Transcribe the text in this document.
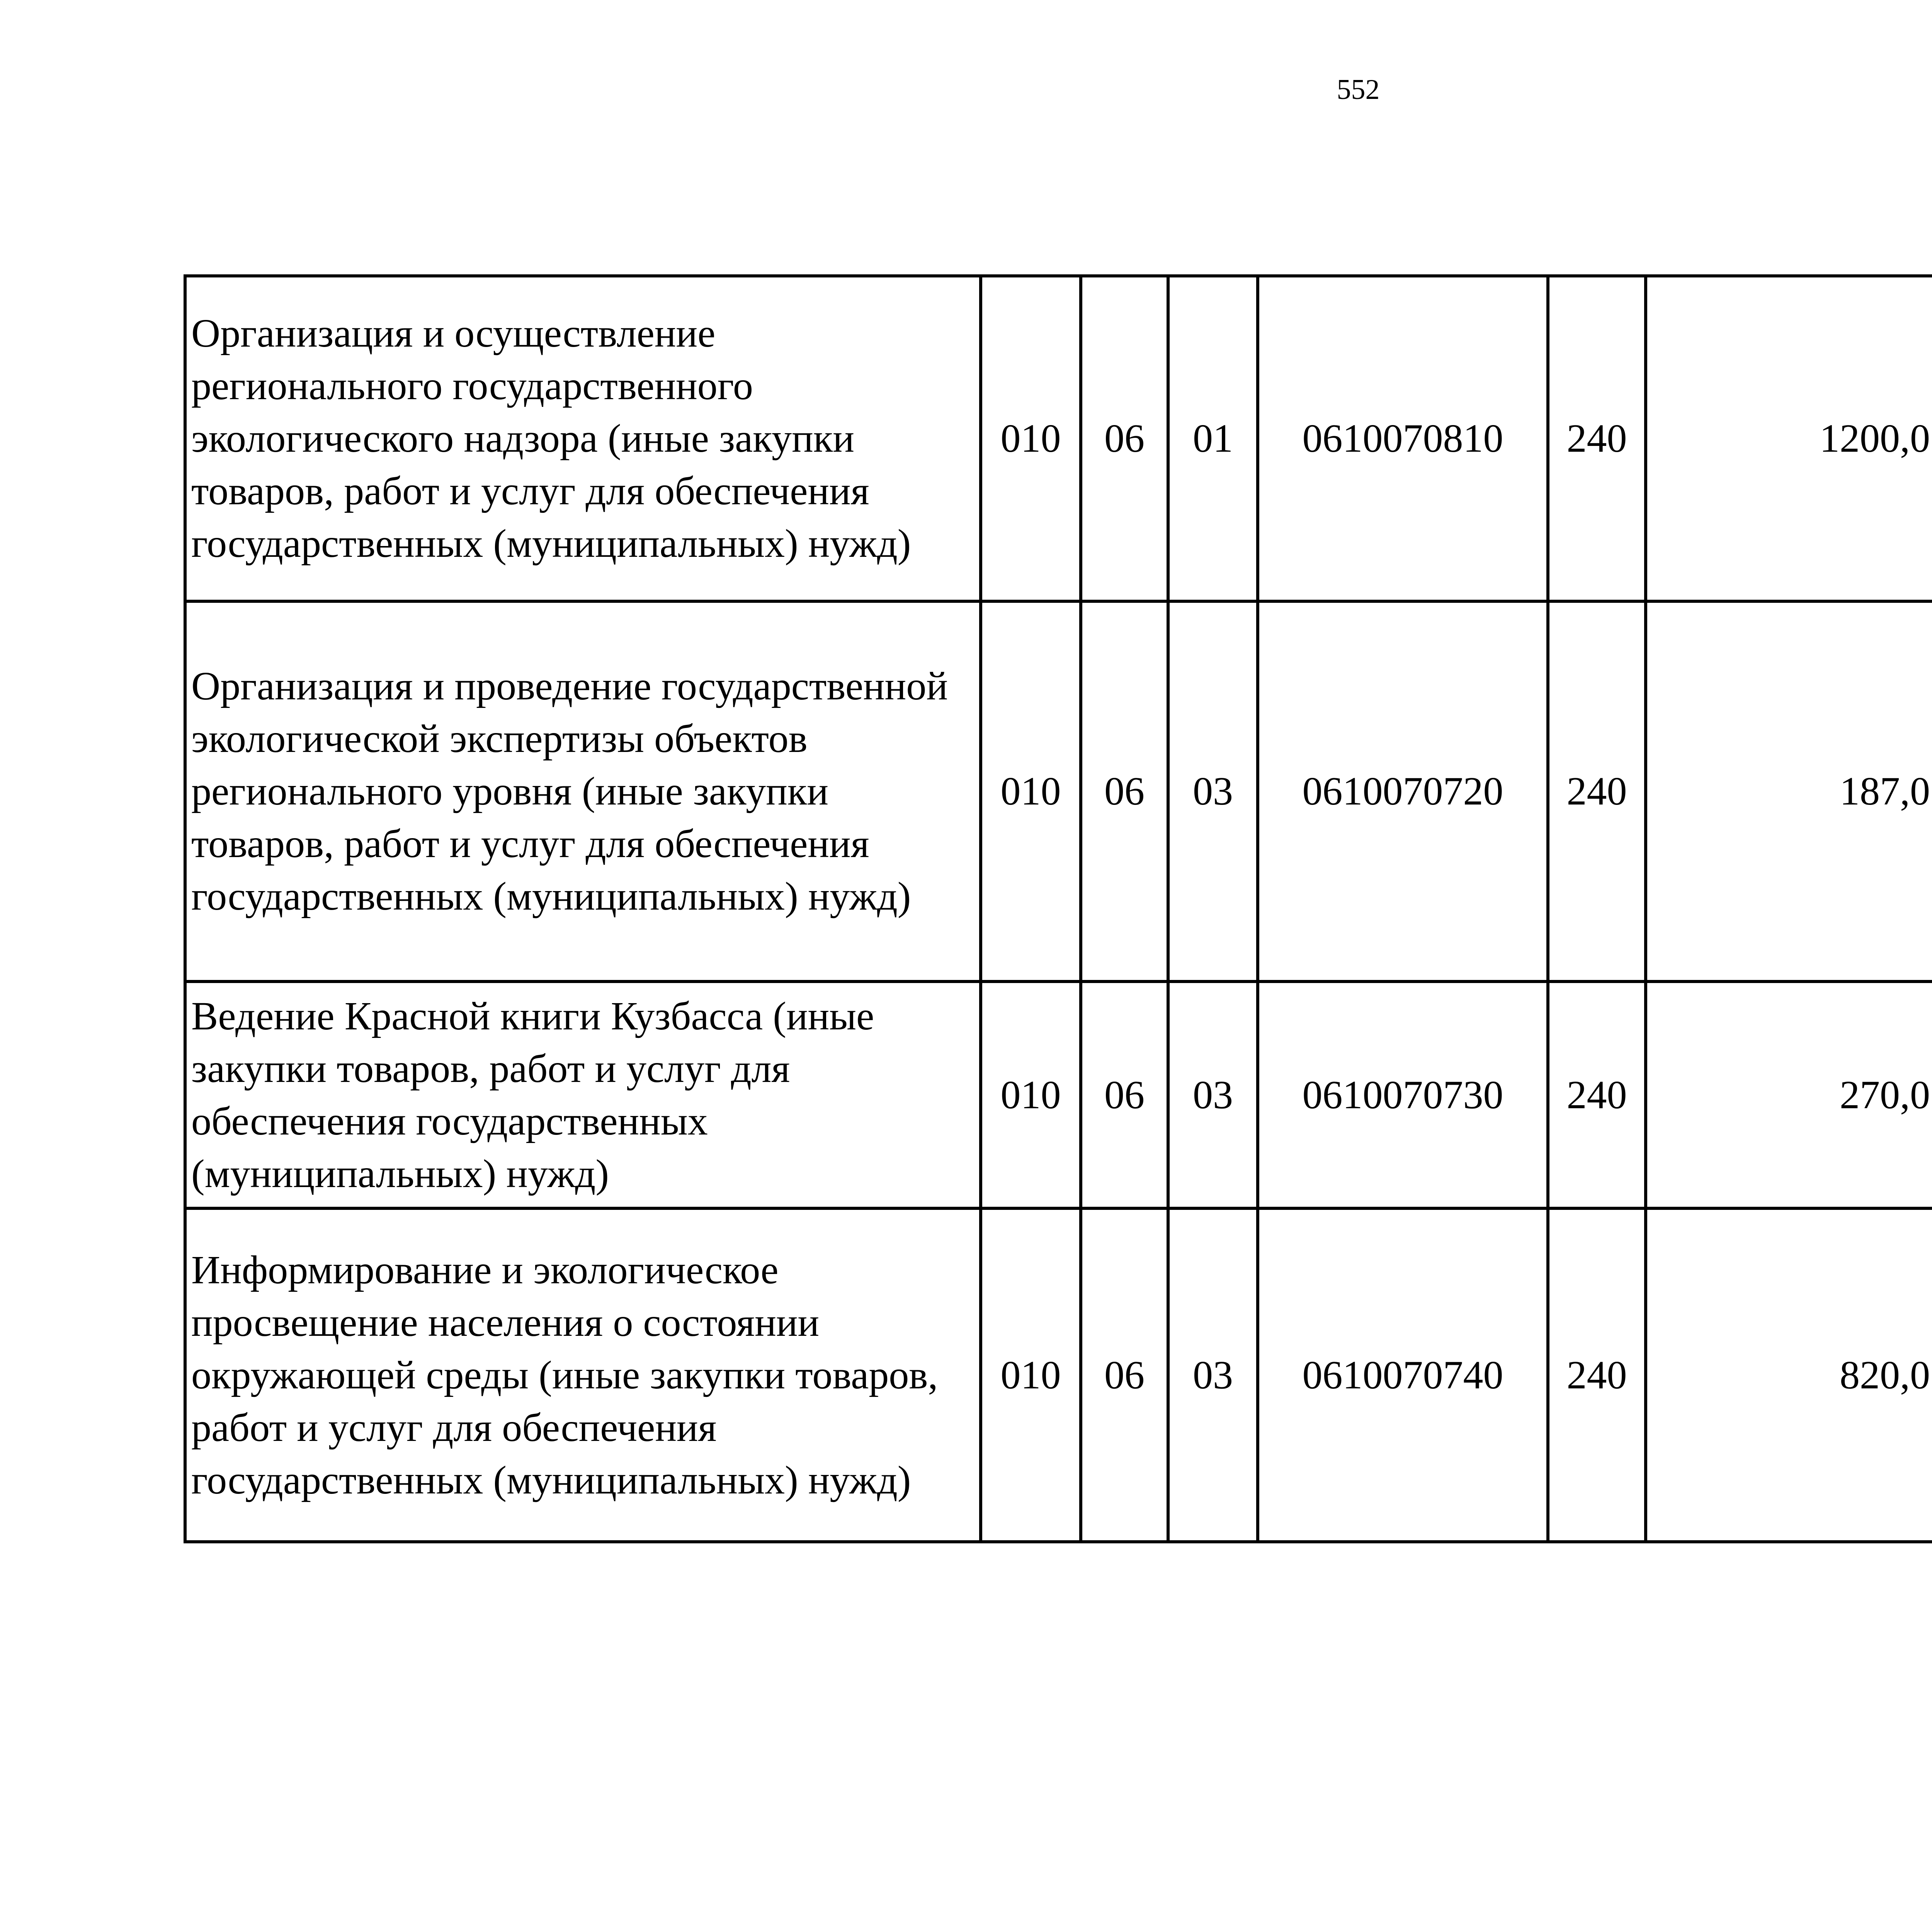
552
Организация и осуществление регионального государственного экологического надзора (иные закупки товаров, работ и услуг для обеспечения государственных (муниципальных) нужд)	010	06	01	0610070810	240	1200,0		
Организация и проведение государственной экологической экспертизы объектов регионального уровня (иные закупки товаров, работ и услуг для обеспечения государственных (муниципальных) нужд)	010	06	03	0610070720	240	187,0		
Ведение Красной книги Кузбасса (иные закупки товаров, работ и услуг для обеспечения государственных (муниципальных) нужд)	010	06	03	0610070730	240	270,0		
Информирование и экологическое просвещение населения о состоянии окружающей среды (иные закупки товаров, работ и услуг для обеспечения государственных (муниципальных) нужд)	010	06	03	0610070740	240	820,0		
